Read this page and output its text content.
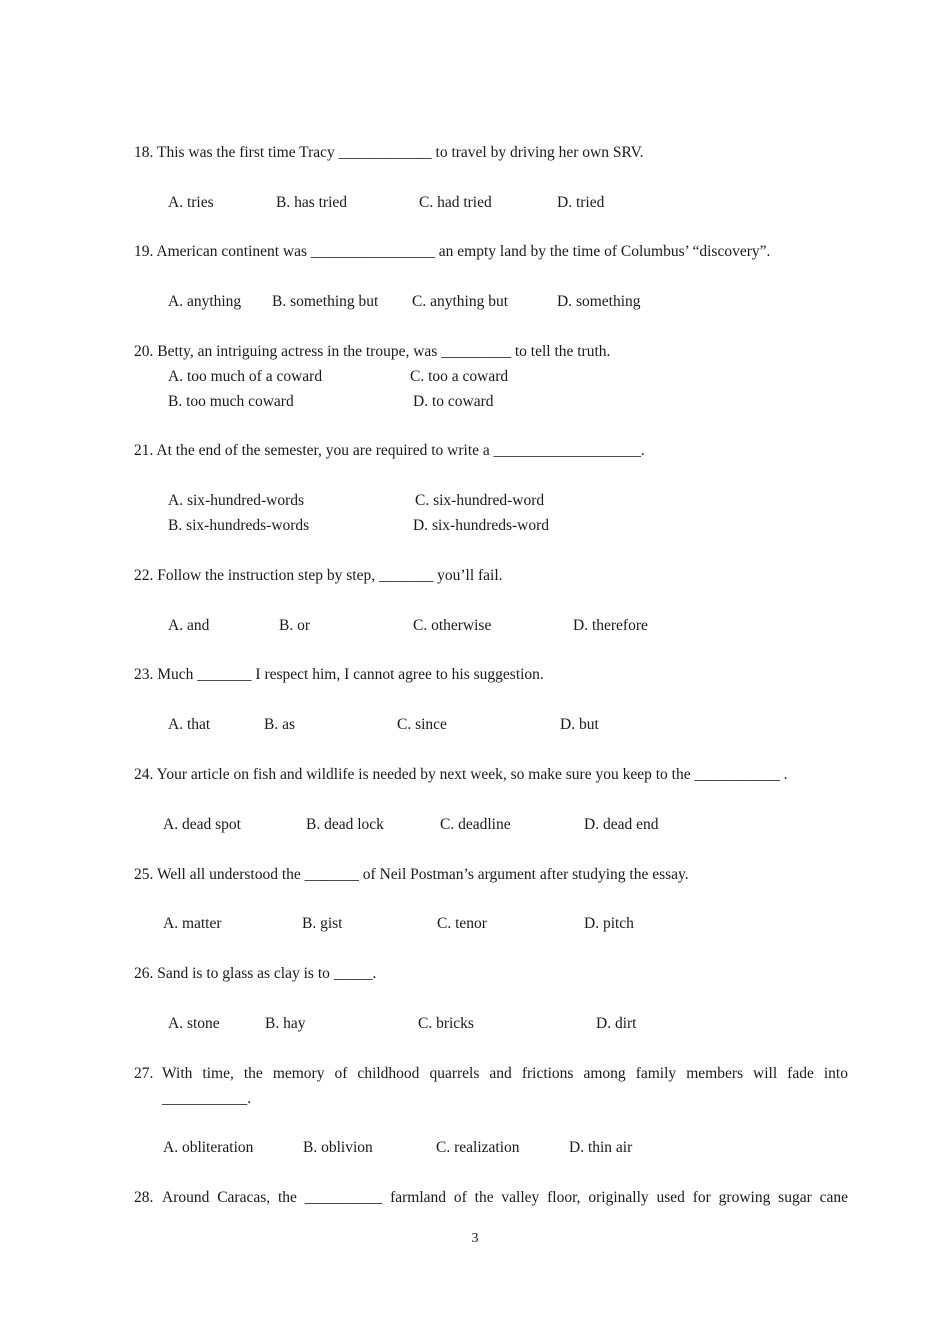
18. This was the first time Tracy ____________ to travel by driving her own SRV.
A. tries	B. has tried	C. had tried	D. tried
19. American continent was ________________ an empty land by the time of Columbus’ “discovery”.
A. anything B. something but C. anything but	D. something
20. Betty, an intriguing actress in the troupe, was _________ to tell the truth.
A. too much of a coward	C. too a coward
B. too much coward	D. to coward
21. At the end of the semester, you are required to write a ___________________.
A. six-hundred-words	C. six-hundred-word
B. six-hundreds-words	D. six-hundreds-word
22. Follow the instruction step by step, _______ you’ll fail.
A. and	B. or	C. otherwise	D. therefore
23. Much _______ I respect him, I cannot agree to his suggestion.
A. that	B. as	C. since	D. but
24. Your article on fish and wildlife is needed by next week, so make sure you keep to the ___________ .
A. dead spot	B. dead lock	C. deadline	D. dead end
25. Well all understood the _______ of Neil Postman’s argument after studying the essay.
A. matter	B. gist	C. tenor	D. pitch
26. Sand is to glass as clay is to _____.
A. stone	B. hay	C. bricks	D. dirt
27. With time, the memory of childhood quarrels and frictions among family members will fade into
___________.
A. obliteration	B. oblivion	C. realization	D. thin air
28. Around Caracas, the __________ farmland of the valley floor, originally used for growing sugar cane
3
